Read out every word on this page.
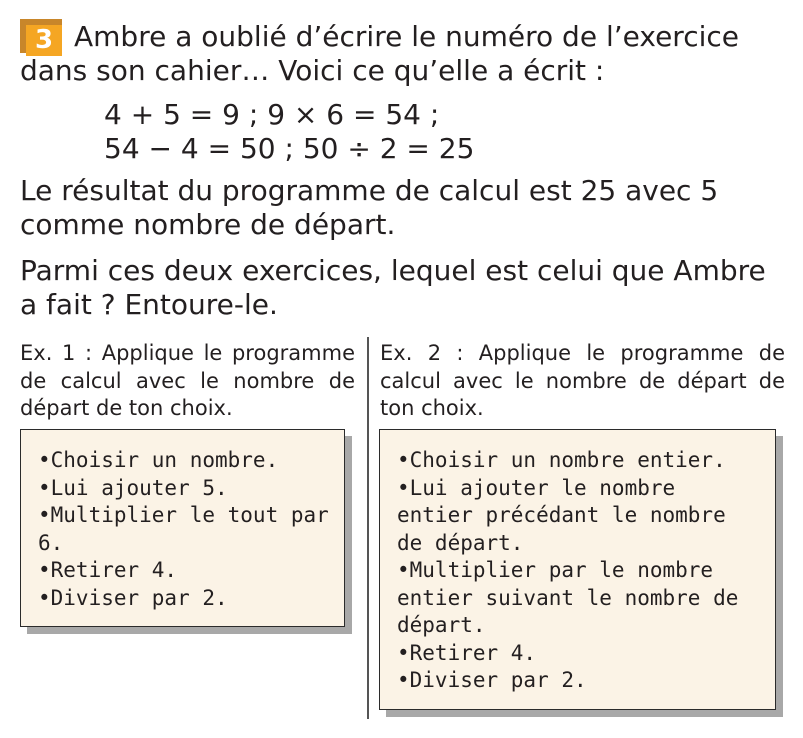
3 Ambre a oublié d’écrire le numéro de l’exercice
dans son cahier… Voici ce qu’elle a écrit :

4 + 5 = 9 ; 9 × 6 = 54 ;

54 − 4 = 50 ; 50 ÷ 2 = 25

Le résultat du programme de calcul est 25 avec 5 comme nombre de départ.

Parmi ces deux exercices, lequel est celui que Ambre a fait ? Entoure-le.

Ex. 1 : Applique le programme de calcul avec le nombre de départ de ton choix.

•Choisir un nombre.
•Lui ajouter 5.
•Multiplier le tout par 6.
•Retirer 4.
•Diviser par 2.

Ex. 2 : Applique le programme de calcul avec le nombre de départ de ton choix.

•Choisir un nombre entier.
•Lui ajouter le nombre entier précédant le nombre de départ.
•Multiplier par le nombre entier suivant le nombre de départ.
•Retirer 4.
•Diviser par 2.
